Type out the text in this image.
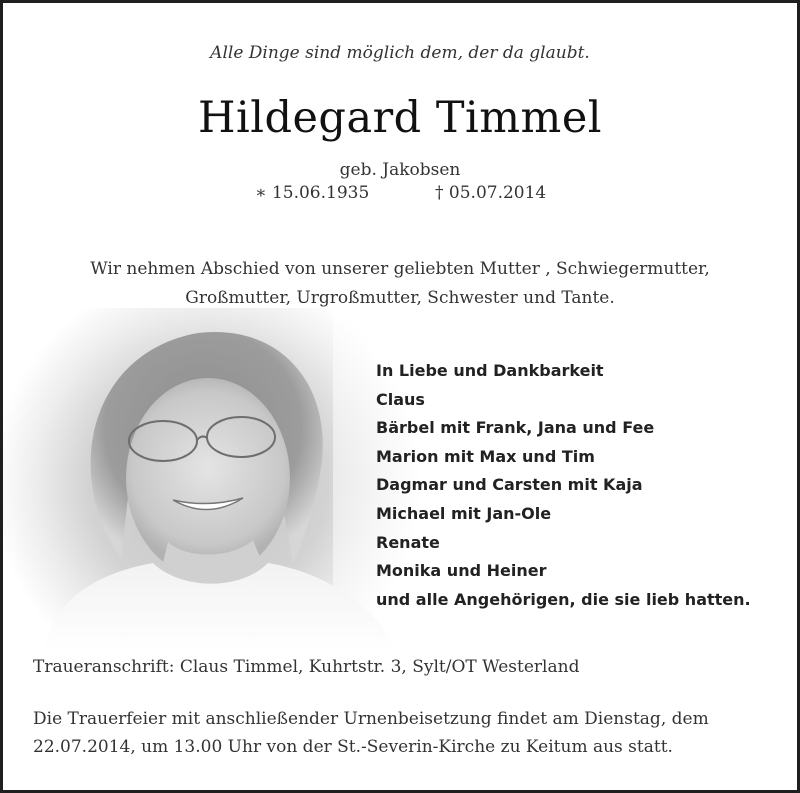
Alle Dinge sind möglich dem, der da glaubt.
Hildegard Timmel
geb. Jakobsen
∗ 15.06.1935	† 05.07.2014
Wir nehmen Abschied von unserer geliebten Mutter , Schwiegermutter,
Großmutter, Urgroßmutter, Schwester und Tante.
In Liebe und Dankbarkeit
Claus
Bärbel mit Frank, Jana und Fee
Marion mit Max und Tim
Dagmar und Carsten mit Kaja
Michael mit Jan-Ole
Renate
Monika und Heiner
und alle Angehörigen, die sie lieb hatten.
Traueranschrift: Claus Timmel, Kuhrtstr. 3, Sylt/OT Westerland
Die Trauerfeier mit anschließender Urnenbeisetzung findet am Dienstag, dem
22.07.2014, um 13.00 Uhr von der St.-Severin-Kirche zu Keitum aus statt.
